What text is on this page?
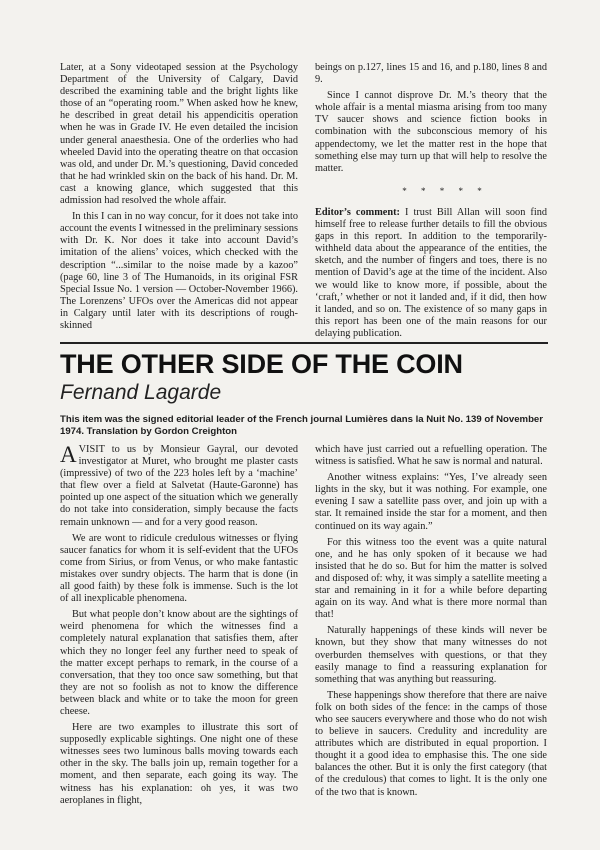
Later, at a Sony videotaped session at the Psychology Department of the University of Calgary, David described the examining table and the bright lights like those of an “operating room.” When asked how he knew, he described in great detail his appendicitis operation when he was in Grade IV. He even detailed the incision under general anaesthesia. One of the orderlies who had wheeled David into the operating theatre on that occasion was old, and under Dr. M.’s questioning, David conceded that he had wrinkled skin on the back of his hand. Dr. M. cast a knowing glance, which suggested that this admission had resolved the whole affair.

In this I can in no way concur, for it does not take into account the events I witnessed in the preliminary sessions with Dr. K. Nor does it take into account David’s imitation of the aliens’ voices, which checked with the description “...similar to the noise made by a kazoo” (page 60, line 3 of The Humanoids, in its original FSR Special Issue No. 1 version — October-November 1966). The Lorenzens’ UFOs over the Americas did not appear in Calgary until later with its descriptions of rough-skinned

beings on p.127, lines 15 and 16, and p.180, lines 8 and 9.

Since I cannot disprove Dr. M.’s theory that the whole affair is a mental miasma arising from too many TV saucer shows and science fiction books in combination with the subconscious memory of his appendectomy, we let the matter rest in the hope that something else may turn up that will help to resolve the matter.

* * * * *

Editor’s comment: I trust Bill Allan will soon find himself free to release further details to fill the obvious gaps in this report. In addition to the temporarily-withheld data about the appearance of the entities, the sketch, and the number of fingers and toes, there is no mention of David’s age at the time of the incident. Also we would like to know more, if possible, about the ‘craft,’ whether or not it landed and, if it did, then how it landed, and so on. The existence of so many gaps in this report has been one of the main reasons for our delaying publication.

THE OTHER SIDE OF THE COIN
Fernand Lagarde
This item was the signed editorial leader of the French journal Lumières dans la Nuit No. 139 of November 1974. Translation by Gordon Creighton

AVISIT to us by Monsieur Gayral, our devoted investigator at Muret, who brought me plaster casts (impressive) of two of the 223 holes left by a ‘machine’ that flew over a field at Salvetat (Haute-Garonne) has pointed up one aspect of the situation which we generally do not take into consideration, simply because the facts remain unknown — and for a very good reason.

We are wont to ridicule credulous witnesses or flying saucer fanatics for whom it is self-evident that the UFOs come from Sirius, or from Venus, or who make fantastic mistakes over sundry objects. The harm that is done (in all good faith) by these folk is immense. Such is the lot of all inexplicable phenomena.

But what people don’t know about are the sightings of weird phenomena for which the witnesses find a completely natural explanation that satisfies them, after which they no longer feel any further need to speak of the matter except perhaps to remark, in the course of a conversation, that they too once saw something, but that they are not so foolish as not to know the difference between black and white or to take the moon for green cheese.

Here are two examples to illustrate this sort of supposedly explicable sightings. One night one of these witnesses sees two luminous balls moving towards each other in the sky. The balls join up, remain together for a moment, and then separate, each going its way. The witness has his explanation: oh yes, it was two aeroplanes in flight,

which have just carried out a refuelling operation. The witness is satisfied. What he saw is normal and natural.

Another witness explains: “Yes, I’ve already seen lights in the sky, but it was nothing. For example, one evening I saw a satellite pass over, and join up with a star. It remained inside the star for a moment, and then continued on its way again.”

For this witness too the event was a quite natural one, and he has only spoken of it because we had insisted that he do so. But for him the matter is solved and disposed of: why, it was simply a satellite meeting a star and remaining in it for a while before departing again on its way. And what is there more normal than that!

Naturally happenings of these kinds will never be known, but they show that many witnesses do not overburden themselves with questions, or that they easily manage to find a reassuring explanation for something that was anything but reassuring.

These happenings show therefore that there are naive folk on both sides of the fence: in the camps of those who see saucers everywhere and those who do not wish to believe in saucers. Credulity and incredulity are attributes which are distributed in equal proportion. I thought it a good idea to emphasise this. The one side balances the other. But it is only the first category (that of the credulous) that comes to light. It is the only one of the two that is known.
